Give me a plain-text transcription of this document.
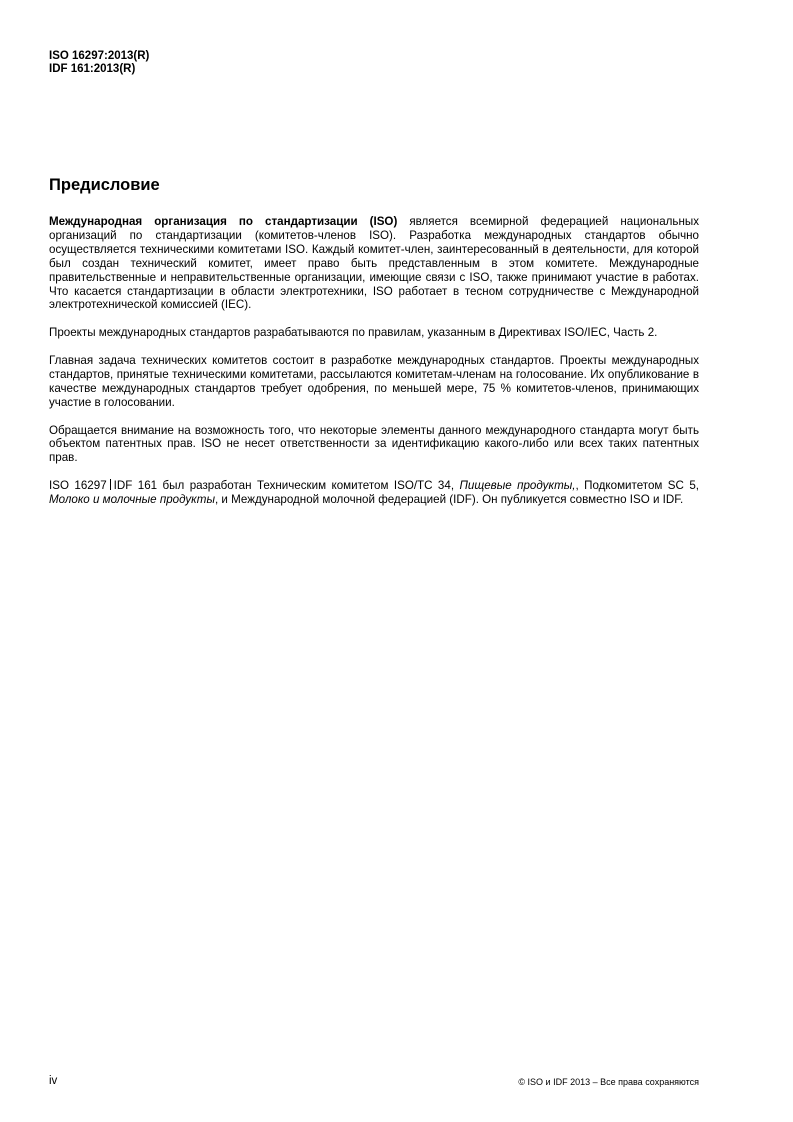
ISO 16297:2013(R)
IDF 161:2013(R)
Предисловие

Международная организация по стандартизации (ISO) является всемирной федерацией национальных организаций по стандартизации (комитетов-членов ISO). Разработка международных стандартов обычно осуществляется техническими комитетами ISO. Каждый комитет-член, заинтересованный в деятельности, для которой был создан технический комитет, имеет право быть представленным в этом комитете. Международные правительственные и неправительственные организации, имеющие связи с ISO, также принимают участие в работах. Что касается стандартизации в области электротехники, ISO работает в тесном сотрудничестве с Международной электротехнической комиссией (IEC).

Проекты международных стандартов разрабатываются по правилам, указанным в Директивах ISO/IEC, Часть 2.

Главная задача технических комитетов состоит в разработке международных стандартов. Проекты международных стандартов, принятые техническими комитетами, рассылаются комитетам-членам на голосование. Их опубликование в качестве международных стандартов требует одобрения, по меньшей мере, 75 % комитетов-членов, принимающих участие в голосовании.

Обращается внимание на возможность того, что некоторые элементы данного международного стандарта могут быть объектом патентных прав. ISO не несет ответственности за идентификацию какого-либо или всех таких патентных прав.

ISO 16297 IDF 161 был разработан Техническим комитетом ISO/TC 34, Пищевые продукты,, Подкомитетом SC 5, Молоко и молочные продукты, и Международной молочной федерацией (IDF). Он публикуется совместно ISO и IDF.

iv	© ISO и IDF 2013 – Все права сохраняются
